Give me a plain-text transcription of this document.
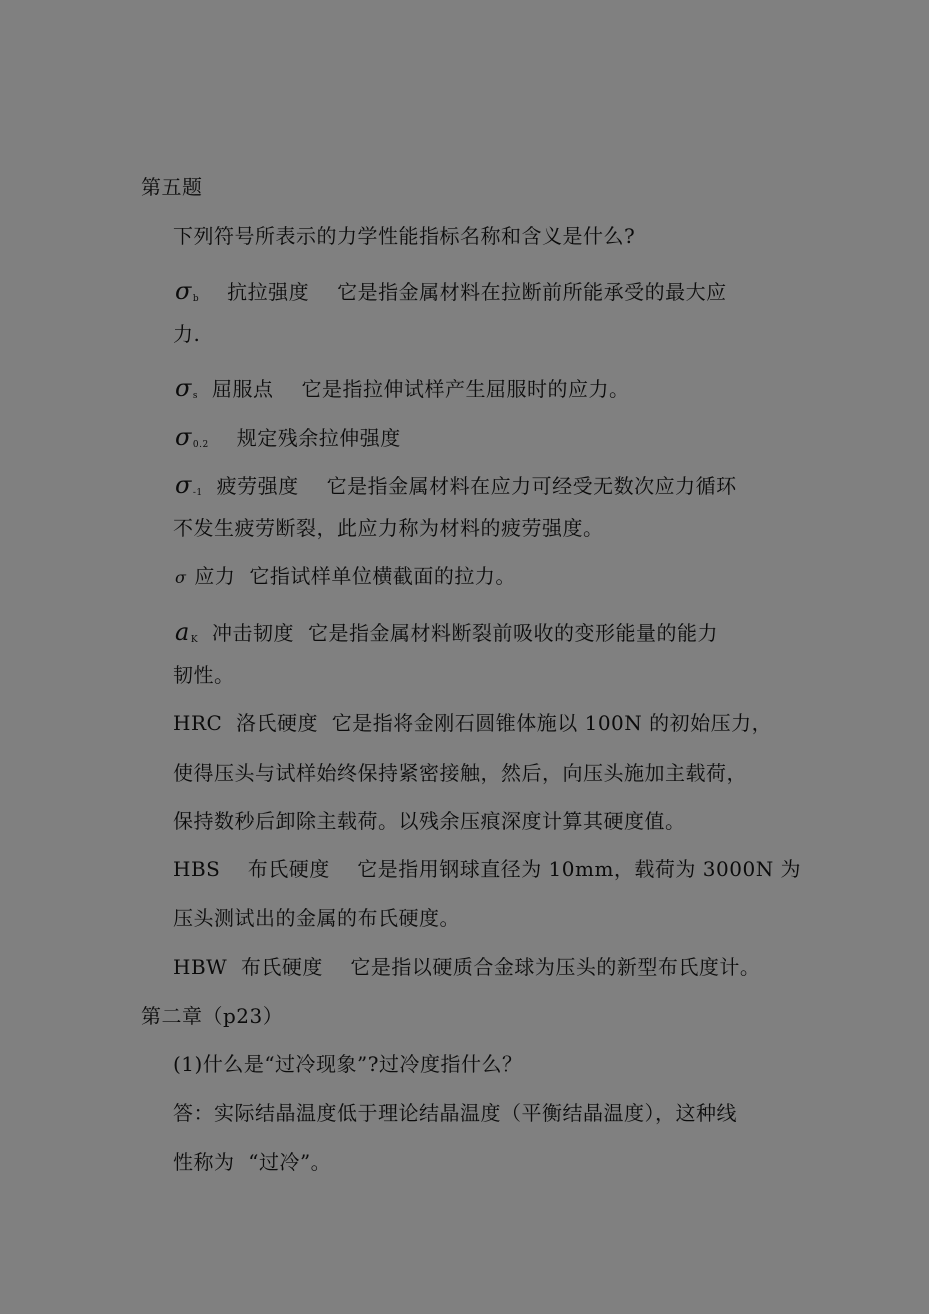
第五题
下列符号所表示的力学性能指标名称和含义是什么?
$\sigma_b$ 抗拉强度 它是指金属材料在拉断前所能承受的最大应
力.
$\sigma_s$ 屈服点 它是指拉伸试样产生屈服时的应力。
$\sigma_{0.2}$ 规定残余拉伸强度
$\sigma_{-1}$ 疲劳强度 它是指金属材料在应力可经受无数次应力循环
不发生疲劳断裂，此应力称为材料的疲劳强度。
σ 应力 它指试样单位横截面的拉力。
$a_K$ 冲击韧度 它是指金属材料断裂前吸收的变形能量的能力
韧性。
HRC  洛氏硬度  它是指将金刚石圆锥体施以 100N 的初始压力，
使得压头与试样始终保持紧密接触，然后，向压头施加主载荷，
保持数秒后卸除主载荷。以残余压痕深度计算其硬度值。
HBS    布氏硬度    它是指用钢球直径为 10mm，载荷为 3000N 为
压头测试出的金属的布氏硬度。
HBW  布氏硬度    它是指以硬质合金球为压头的新型布氏度计。
第二章（p23）
(1)什么是“过冷现象”?过冷度指什么？
答：实际结晶温度低于理论结晶温度（平衡结晶温度），这种线
性称为  “过冷”。
